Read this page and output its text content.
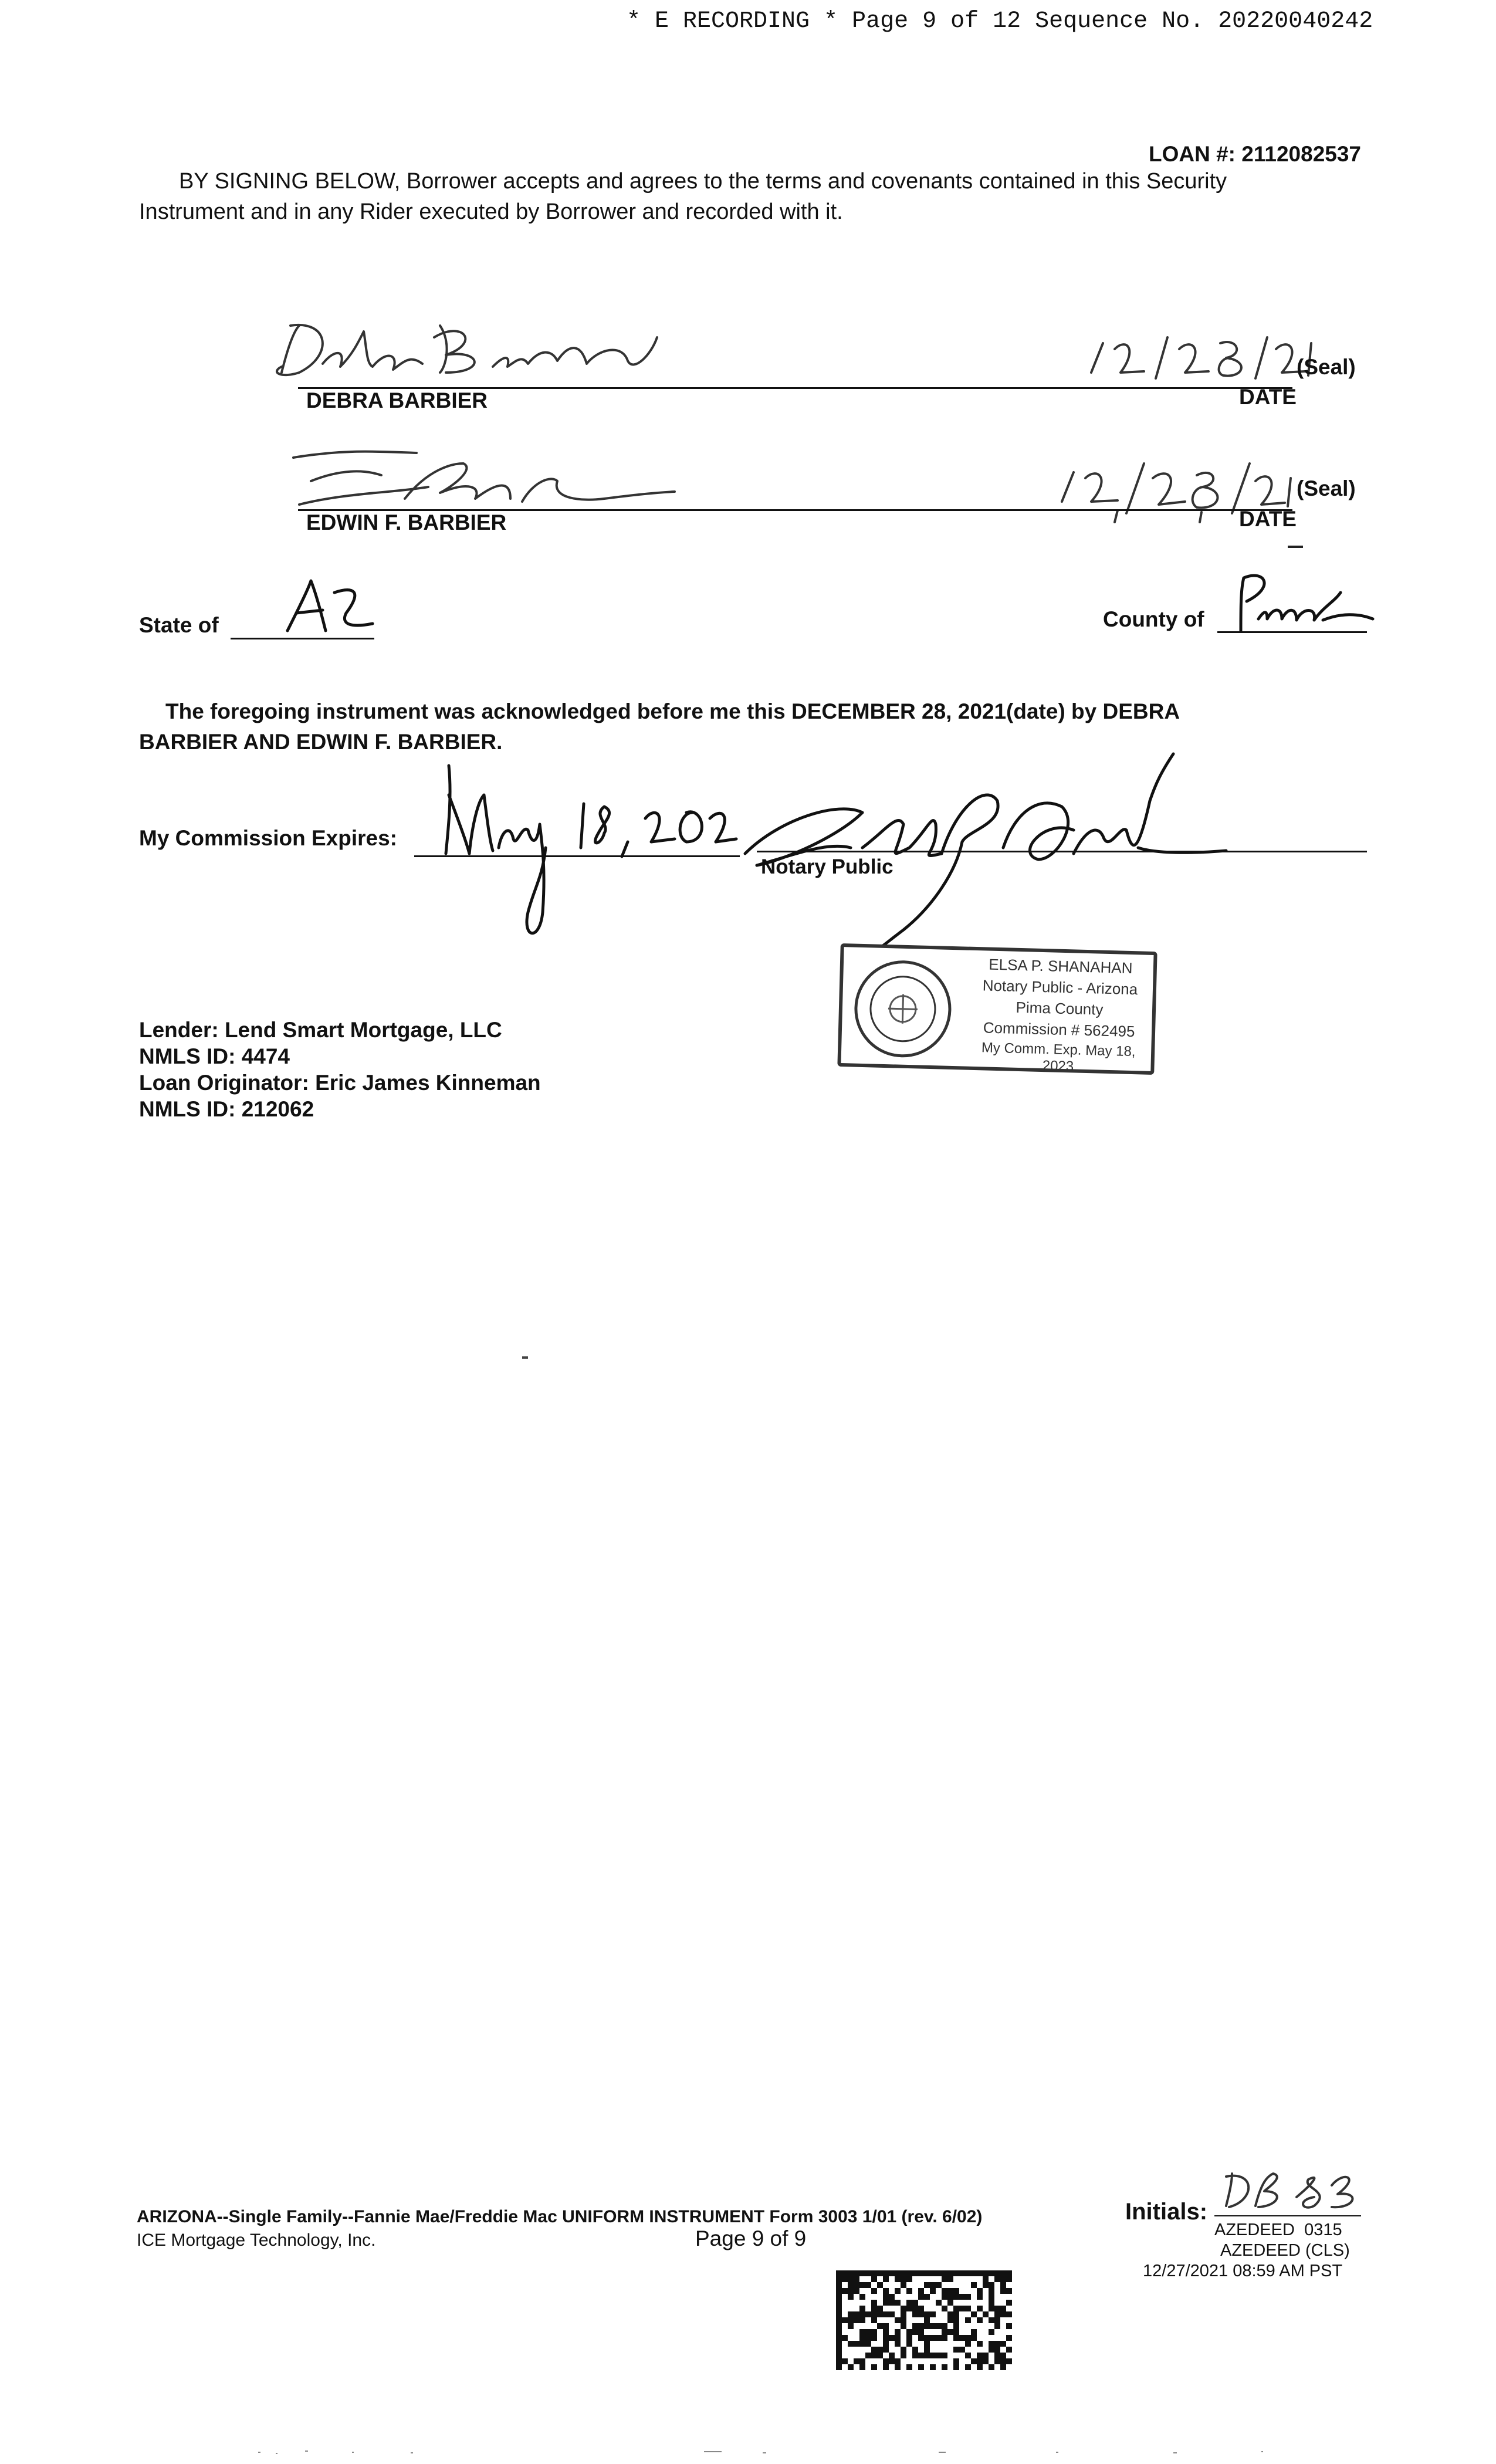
* E RECORDING * Page 9 of 12 Sequence No. 20220040242
LOAN #: 2112082537
BY SIGNING BELOW, Borrower accepts and agrees to the terms and covenants contained in this Security
Instrument and in any Rider executed by Borrower and recorded with it.
(Seal)
DEBRA BARBIER	DATE
(Seal)
EDWIN F. BARBIER	DATE
State of	County of
The foregoing instrument was acknowledged before me this DECEMBER 28, 2021(date) by DEBRA
BARBIER AND EDWIN F. BARBIER.
My Commission Expires:
Notary Public
ELSA P. SHANAHAN
Notary Public - Arizona
Pima County
Commission # 562495
My Comm. Exp. May 18, 2023
Lender: Lend Smart Mortgage, LLC
NMLS ID: 4474
Loan Originator: Eric James Kinneman
NMLS ID: 212062
ARIZONA--Single Family--Fannie Mae/Freddie Mac UNIFORM INSTRUMENT Form 3003 1/01 (rev. 6/02)
ICE Mortgage Technology, Inc.	Page 9 of 9
Initials:
AZEDEED  0315
AZEDEED (CLS)
12/27/2021 08:59 AM PST
